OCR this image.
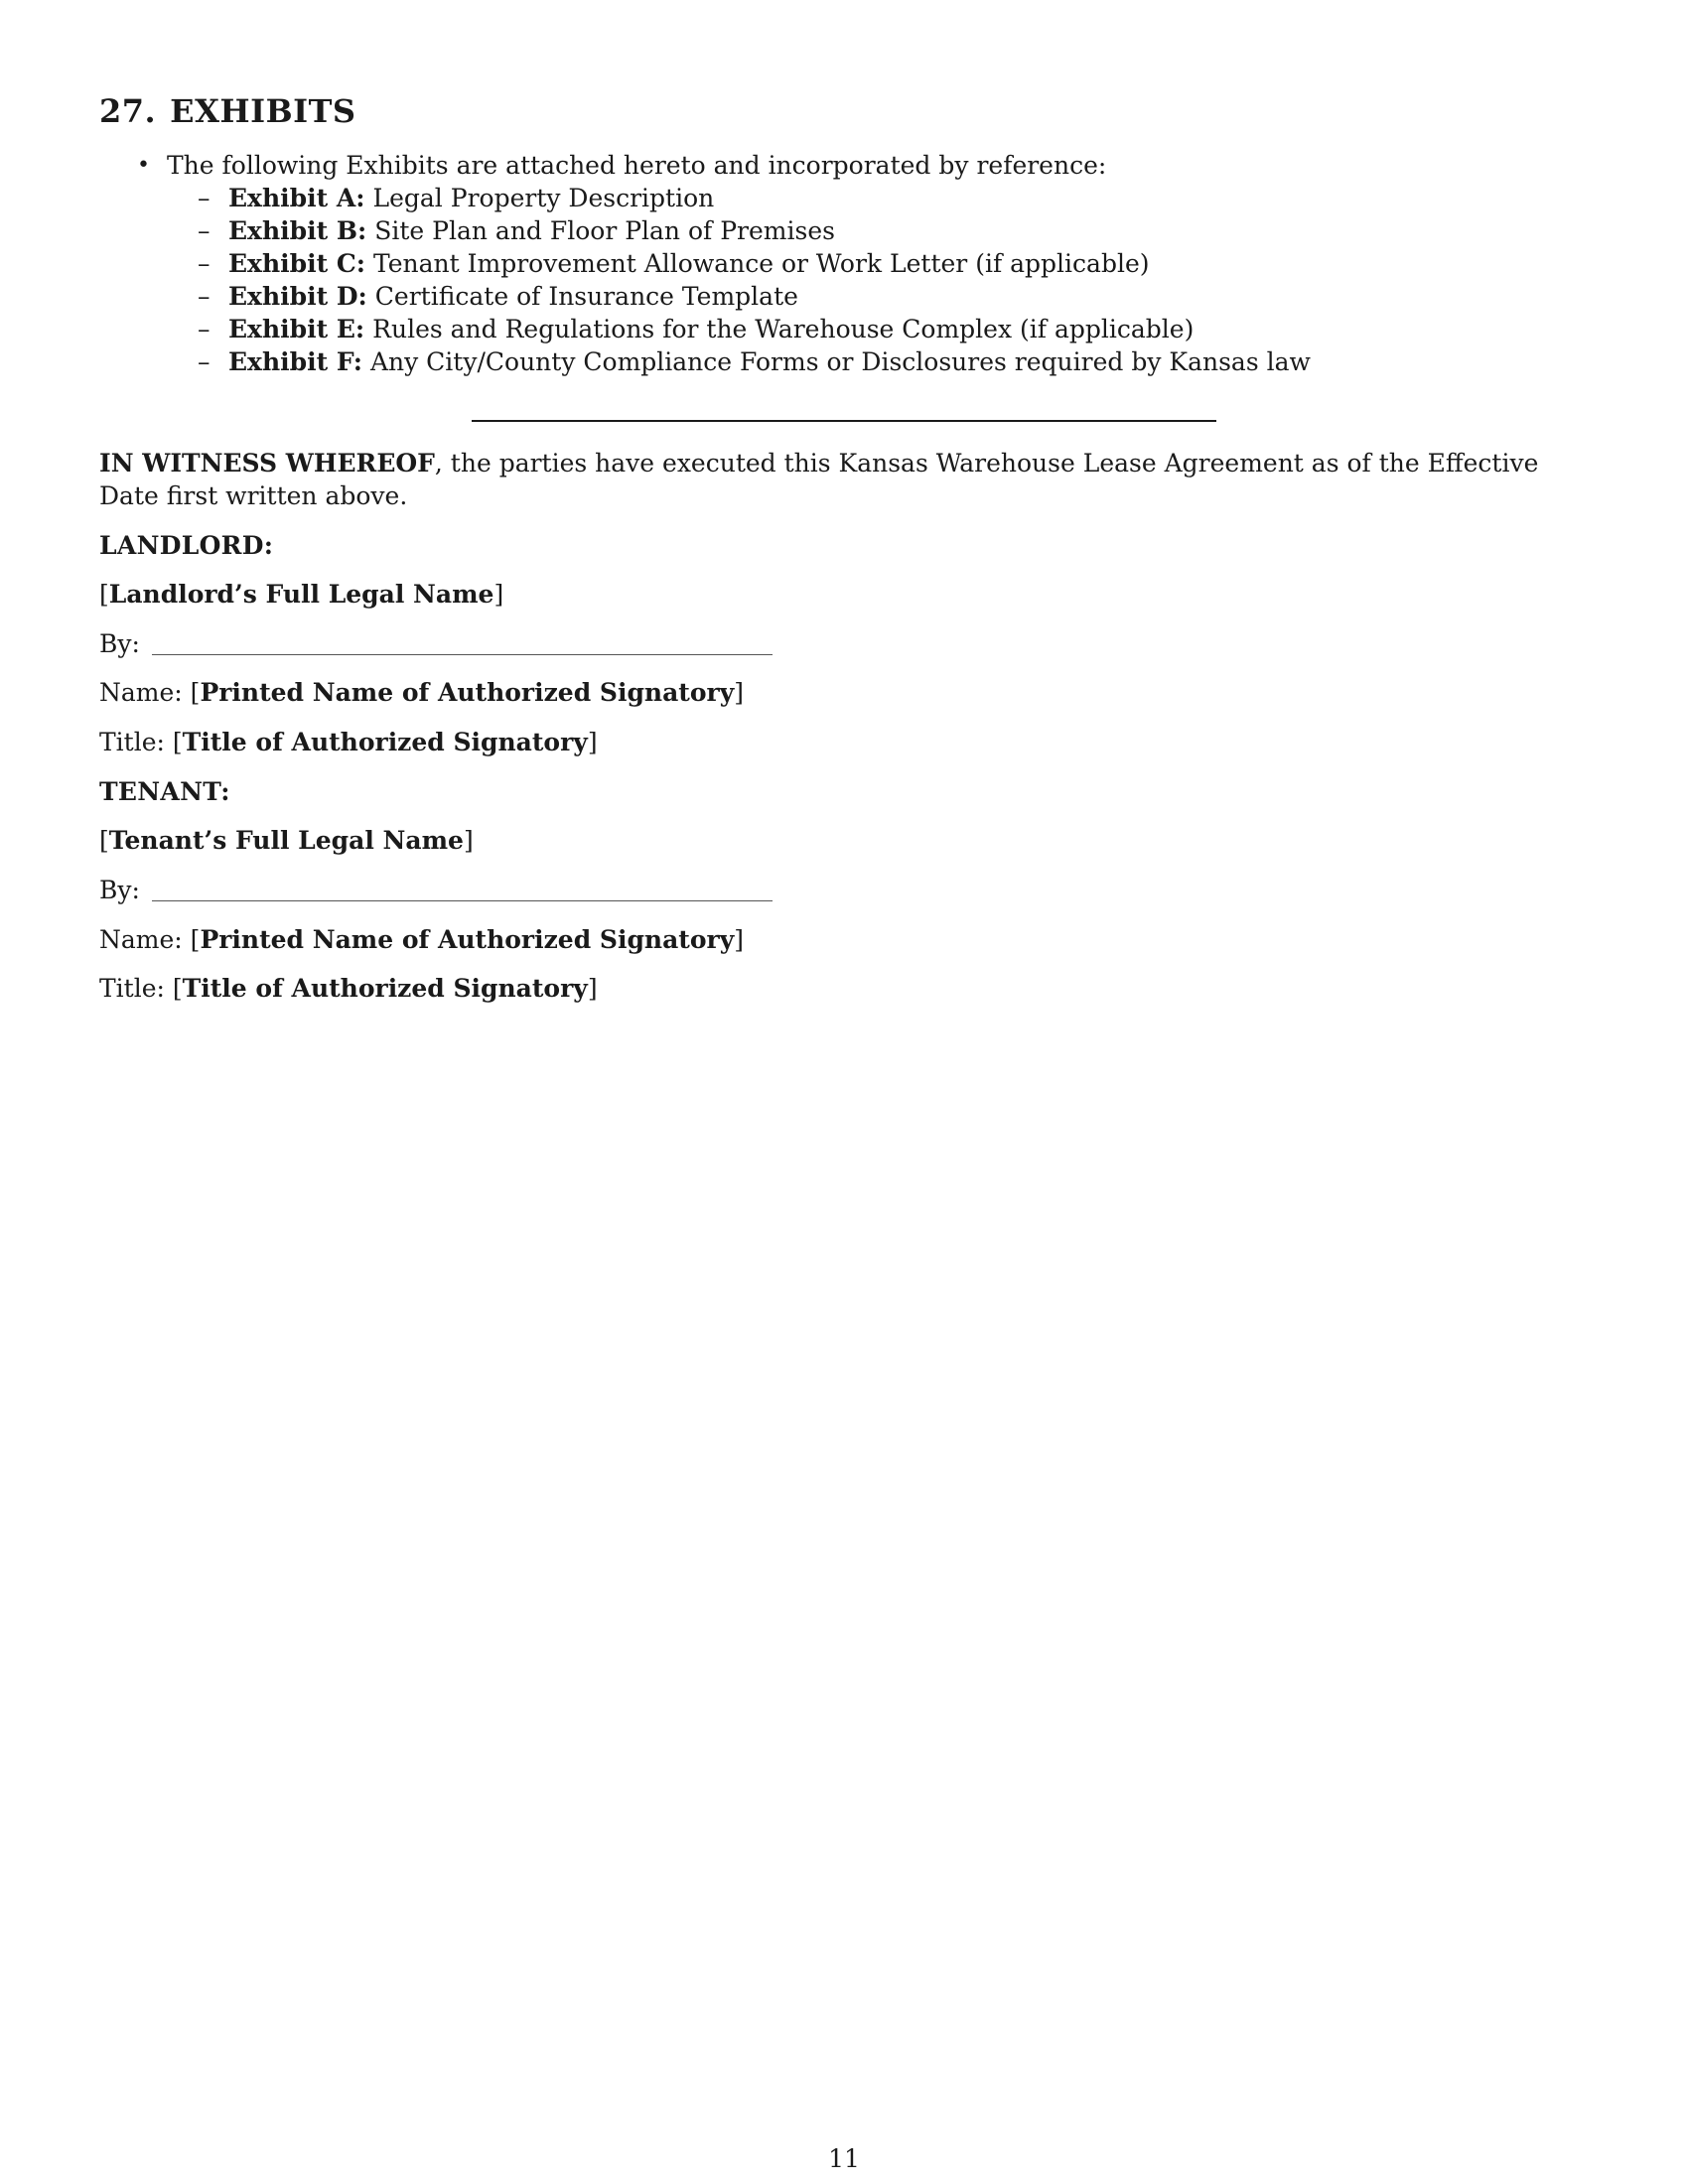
27. EXHIBITS
• The following Exhibits are attached hereto and incorporated by reference:
– Exhibit A: Legal Property Description
– Exhibit B: Site Plan and Floor Plan of Premises
– Exhibit C: Tenant Improvement Allowance or Work Letter (if applicable)
– Exhibit D: Certificate of Insurance Template
– Exhibit E: Rules and Regulations for the Warehouse Complex (if applicable)
– Exhibit F: Any City/County Compliance Forms or Disclosures required by Kansas law

IN WITNESS WHEREOF, the parties have executed this Kansas Warehouse Lease Agreement as of the Effective Date first written above.

LANDLORD:
[Landlord’s Full Legal Name]
By:
Name: [Printed Name of Authorized Signatory]
Title: [Title of Authorized Signatory]
TENANT:
[Tenant’s Full Legal Name]
By:
Name: [Printed Name of Authorized Signatory]
Title: [Title of Authorized Signatory]
11
